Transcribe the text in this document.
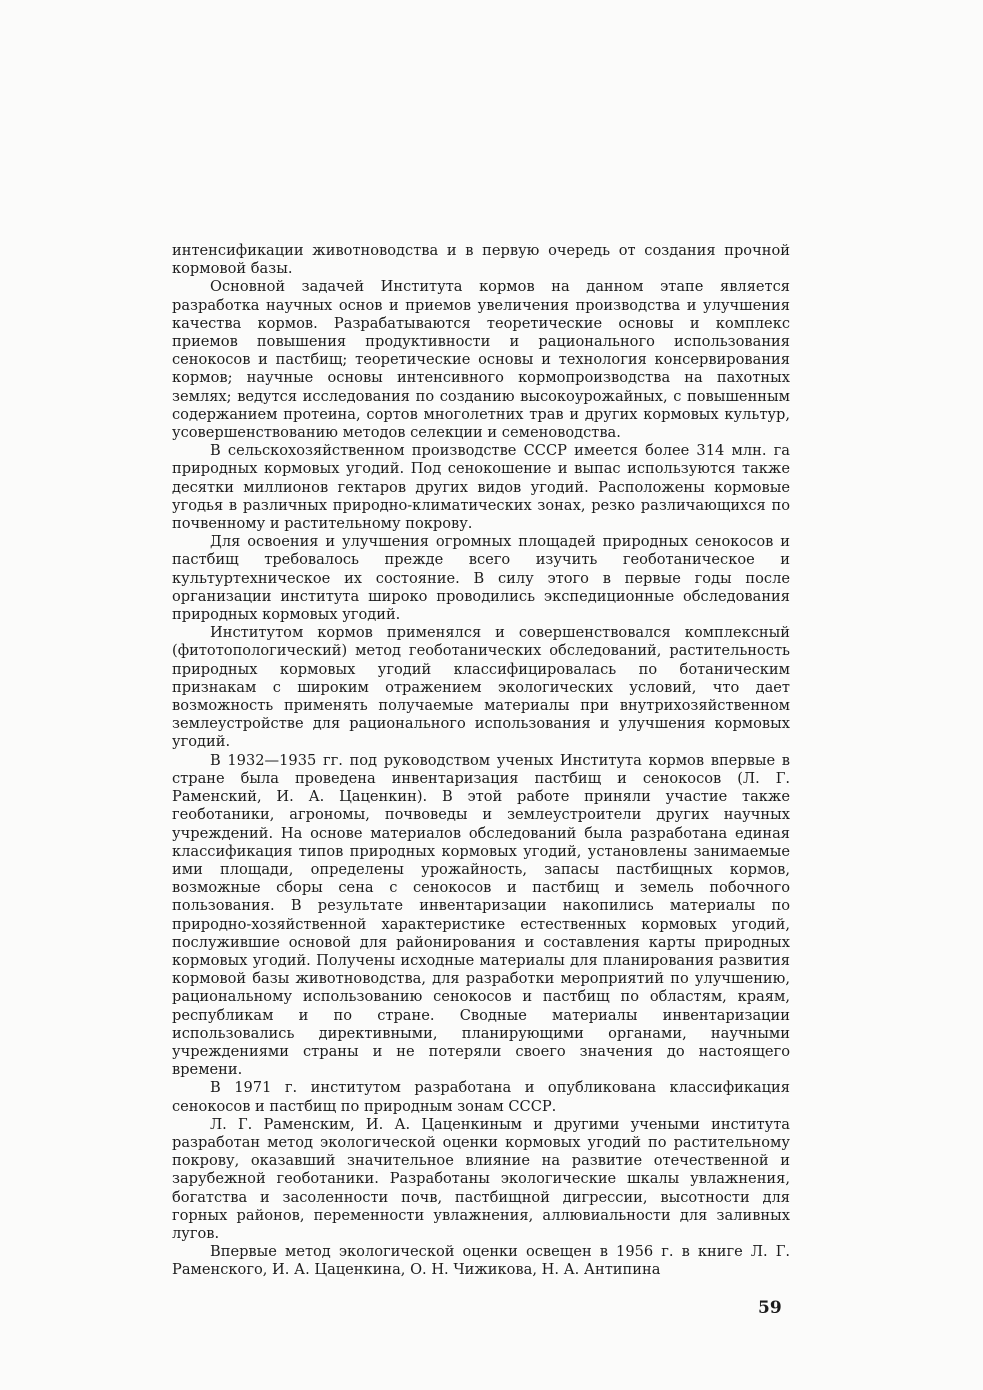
интенсификации животноводства и в первую очередь от создания прочной кормовой базы.

Основной задачей Института кормов на данном этапе является разработка научных основ и приемов увеличения производства и улучшения качества кормов. Разрабатываются теоретические основы и комплекс приемов повышения продуктивности и рационального использования сенокосов и пастбищ; теоретические основы и технология консервирования кормов; научные основы интенсивного кормопроизводства на пахотных землях; ведутся исследования по созданию высокоурожайных, с повышенным содержанием протеина, сортов многолетних трав и других кормовых культур, усовершенствованию методов селекции и семеноводства.

В сельскохозяйственном производстве СССР имеется более 314 млн. га природных кормовых угодий. Под сенокошение и выпас используются также десятки миллионов гектаров других видов угодий. Расположены кормовые угодья в различных природно-климатических зонах, резко различающихся по почвенному и растительному покрову.

Для освоения и улучшения огромных площадей природных сенокосов и пастбищ требовалось прежде всего изучить геоботаническое и культуртехническое их состояние. В силу этого в первые годы после организации института широко проводились экспедиционные обследования природных кормовых угодий.

Институтом кормов применялся и совершенствовался комплексный (фитотопологический) метод геоботанических обследований, растительность природных кормовых угодий классифицировалась по ботаническим признакам с широким отражением экологических условий, что дает возможность применять получаемые материалы при внутрихозяйственном землеустройстве для рационального использования и улучшения кормовых угодий.

В 1932—1935 гг. под руководством ученых Института кормов впервые в стране была проведена инвентаризация пастбищ и сенокосов (Л. Г. Раменский, И. А. Цаценкин). В этой работе приняли участие также геоботаники, агрономы, почвоведы и землеустроители других научных учреждений. На основе материалов обследований была разработана единая классификация типов природных кормовых угодий, установлены занимаемые ими площади, определены урожайность, запасы пастбищных кормов, возможные сборы сена с сенокосов и пастбищ и земель побочного пользования. В результате инвентаризации накопились материалы по природно-хозяйственной характеристике естественных кормовых угодий, послужившие основой для районирования и составления карты природных кормовых угодий. Получены исходные материалы для планирования развития кормовой базы животноводства, для разработки мероприятий по улучшению, рациональному использованию сенокосов и пастбищ по областям, краям, республикам и по стране. Сводные материалы инвентаризации использовались директивными, планирующими органами, научными учреждениями страны и не потеряли своего значения до настоящего времени.

В 1971 г. институтом разработана и опубликована классификация сенокосов и пастбищ по природным зонам СССР.

Л. Г. Раменским, И. А. Цаценкиным и другими учеными института разработан метод экологической оценки кормовых угодий по растительному покрову, оказавший значительное влияние на развитие отечественной и зарубежной геоботаники. Разработаны экологические шкалы увлажнения, богатства и засоленности почв, пастбищной дигрессии, высотности для горных районов, переменности увлажнения, аллювиальности для заливных лугов.

Впервые метод экологической оценки освещен в 1956 г. в книге Л. Г. Раменского, И. А. Цаценкина, О. Н. Чижикова, Н. А. Антипина

59
